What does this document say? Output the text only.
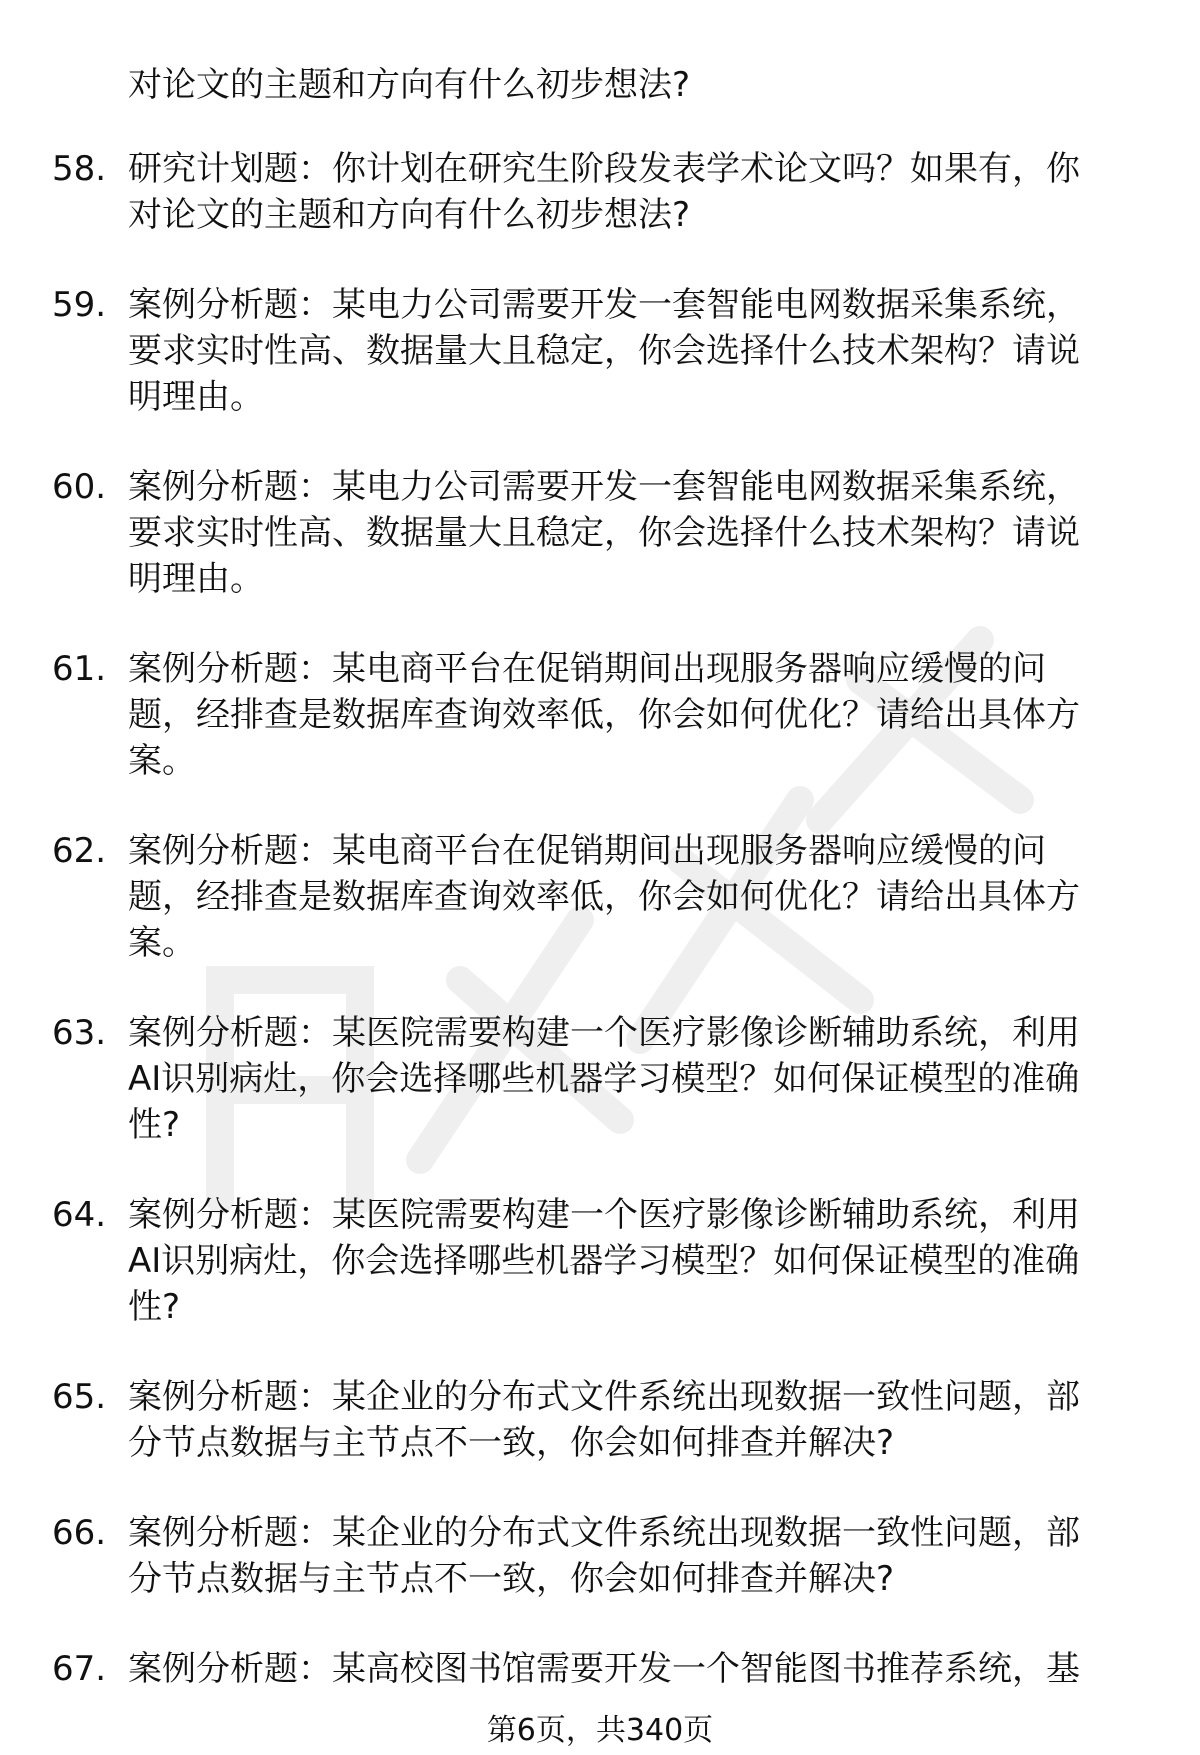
对论文的主题和方向有什么初步想法?

58. 研究计划题：你计划在研究生阶段发表学术论文吗？如果有，你
对论文的主题和方向有什么初步想法?
59. 案例分析题：某电力公司需要开发一套智能电网数据采集系统，
要求实时性高、数据量大且稳定，你会选择什么技术架构？请说
明理由。
60. 案例分析题：某电力公司需要开发一套智能电网数据采集系统，
要求实时性高、数据量大且稳定，你会选择什么技术架构？请说
明理由。
61. 案例分析题：某电商平台在促销期间出现服务器响应缓慢的问
题，经排查是数据库查询效率低，你会如何优化？请给出具体方
案。
62. 案例分析题：某电商平台在促销期间出现服务器响应缓慢的问
题，经排查是数据库查询效率低，你会如何优化？请给出具体方
案。
63. 案例分析题：某医院需要构建一个医疗影像诊断辅助系统，利用
AI识别病灶，你会选择哪些机器学习模型？如何保证模型的准确
性?
64. 案例分析题：某医院需要构建一个医疗影像诊断辅助系统，利用
AI识别病灶，你会选择哪些机器学习模型？如何保证模型的准确
性?
65. 案例分析题：某企业的分布式文件系统出现数据一致性问题，部
分节点数据与主节点不一致，你会如何排查并解决?
66. 案例分析题：某企业的分布式文件系统出现数据一致性问题，部
分节点数据与主节点不一致，你会如何排查并解决?
67. 案例分析题：某高校图书馆需要开发一个智能图书推荐系统，基
第6页，共340页
